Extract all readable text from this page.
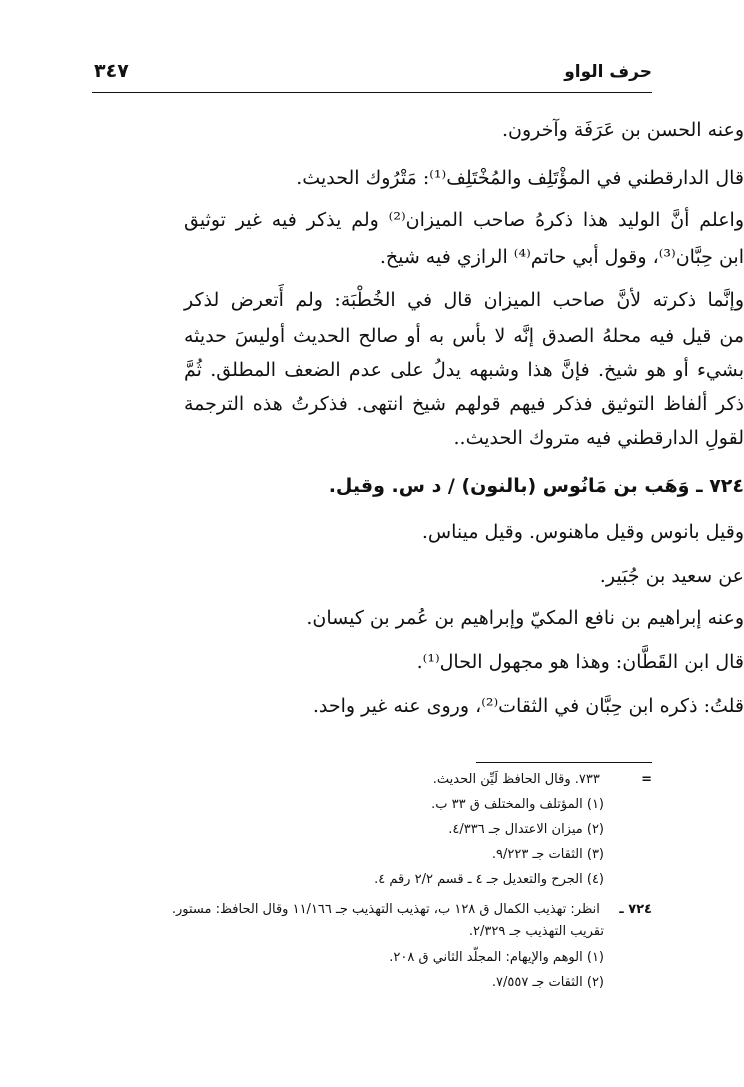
حرف الواو
٣٤٧
وعنه الحسن بن عَرَفَة وآخرون.
قال الدارقطني في المؤْتَلِف والمُخْتَلِف⁽¹⁾: مَتْرُوك الحديث.
واعلم أنَّ الوليد هذا ذكرهُ صاحب الميزان⁽²⁾ ولم يذكر فيه غير توثيق
ابن حِبَّان⁽³⁾، وقول أبي حاتم⁽⁴⁾ الرازي فيه شيخ.
وإنَّما ذكرته لأنَّ صاحب الميزان قال في الخُطْبَة: ولم أَتعرض لذكر
من قيل فيه محلهُ الصدق إنَّه لا بأس به أو صالح الحديث أوليسَ حديثه
بشيء أو هو شيخ. فإنَّ هذا وشبهه يدلُ على عدم الضعف المطلق. ثُمَّ
ذكر ألفاظ التوثيق فذكر فيهم قولهم شيخ انتهى. فذكرتُ هذه الترجمة
لقولِ الدارقطني فيه متروك الحديث..
٧٢٤ ـ وَهَب بن مَانُوس (بالنون) / د س. وقيل.
وقيل بانوس وقيل ماهنوس. وقيل ميناس.
عن سعيد بن جُبَير.
وعنه إبراهيم بن نافع المكيّ وإبراهيم بن عُمر بن كيسان.
قال ابن القَطَّان: وهذا هو مجهول الحال⁽¹⁾.
قلتُ: ذكره ابن حِبَّان في الثقات⁽²⁾، وروى عنه غير واحد.
= ٧٣٣. وقال الحافظ لَيِّن الحديث.
(١) المؤتلف والمختلف ق ٣٣ ب.
(٢) ميزان الاعتدال جـ ٤/٣٣٦.
(٣) الثقات جـ ٩/٢٢٣.
(٤) الجرح والتعديل جـ ٤ ـ قسم ٢/٢ رقم ٤.
٧٢٤ ـ انظر: تهذيب الكمال ق ١٢٨ ب، تهذيب التهذيب جـ ١١/١٦٦ وقال الحافظ: مستور.
تقريب التهذيب جـ ٢/٣٢٩.
(١) الوهم والإيهام: المجلّد الثاني ق ٢٠٨.
(٢) الثقات جـ ٧/٥٥٧.
